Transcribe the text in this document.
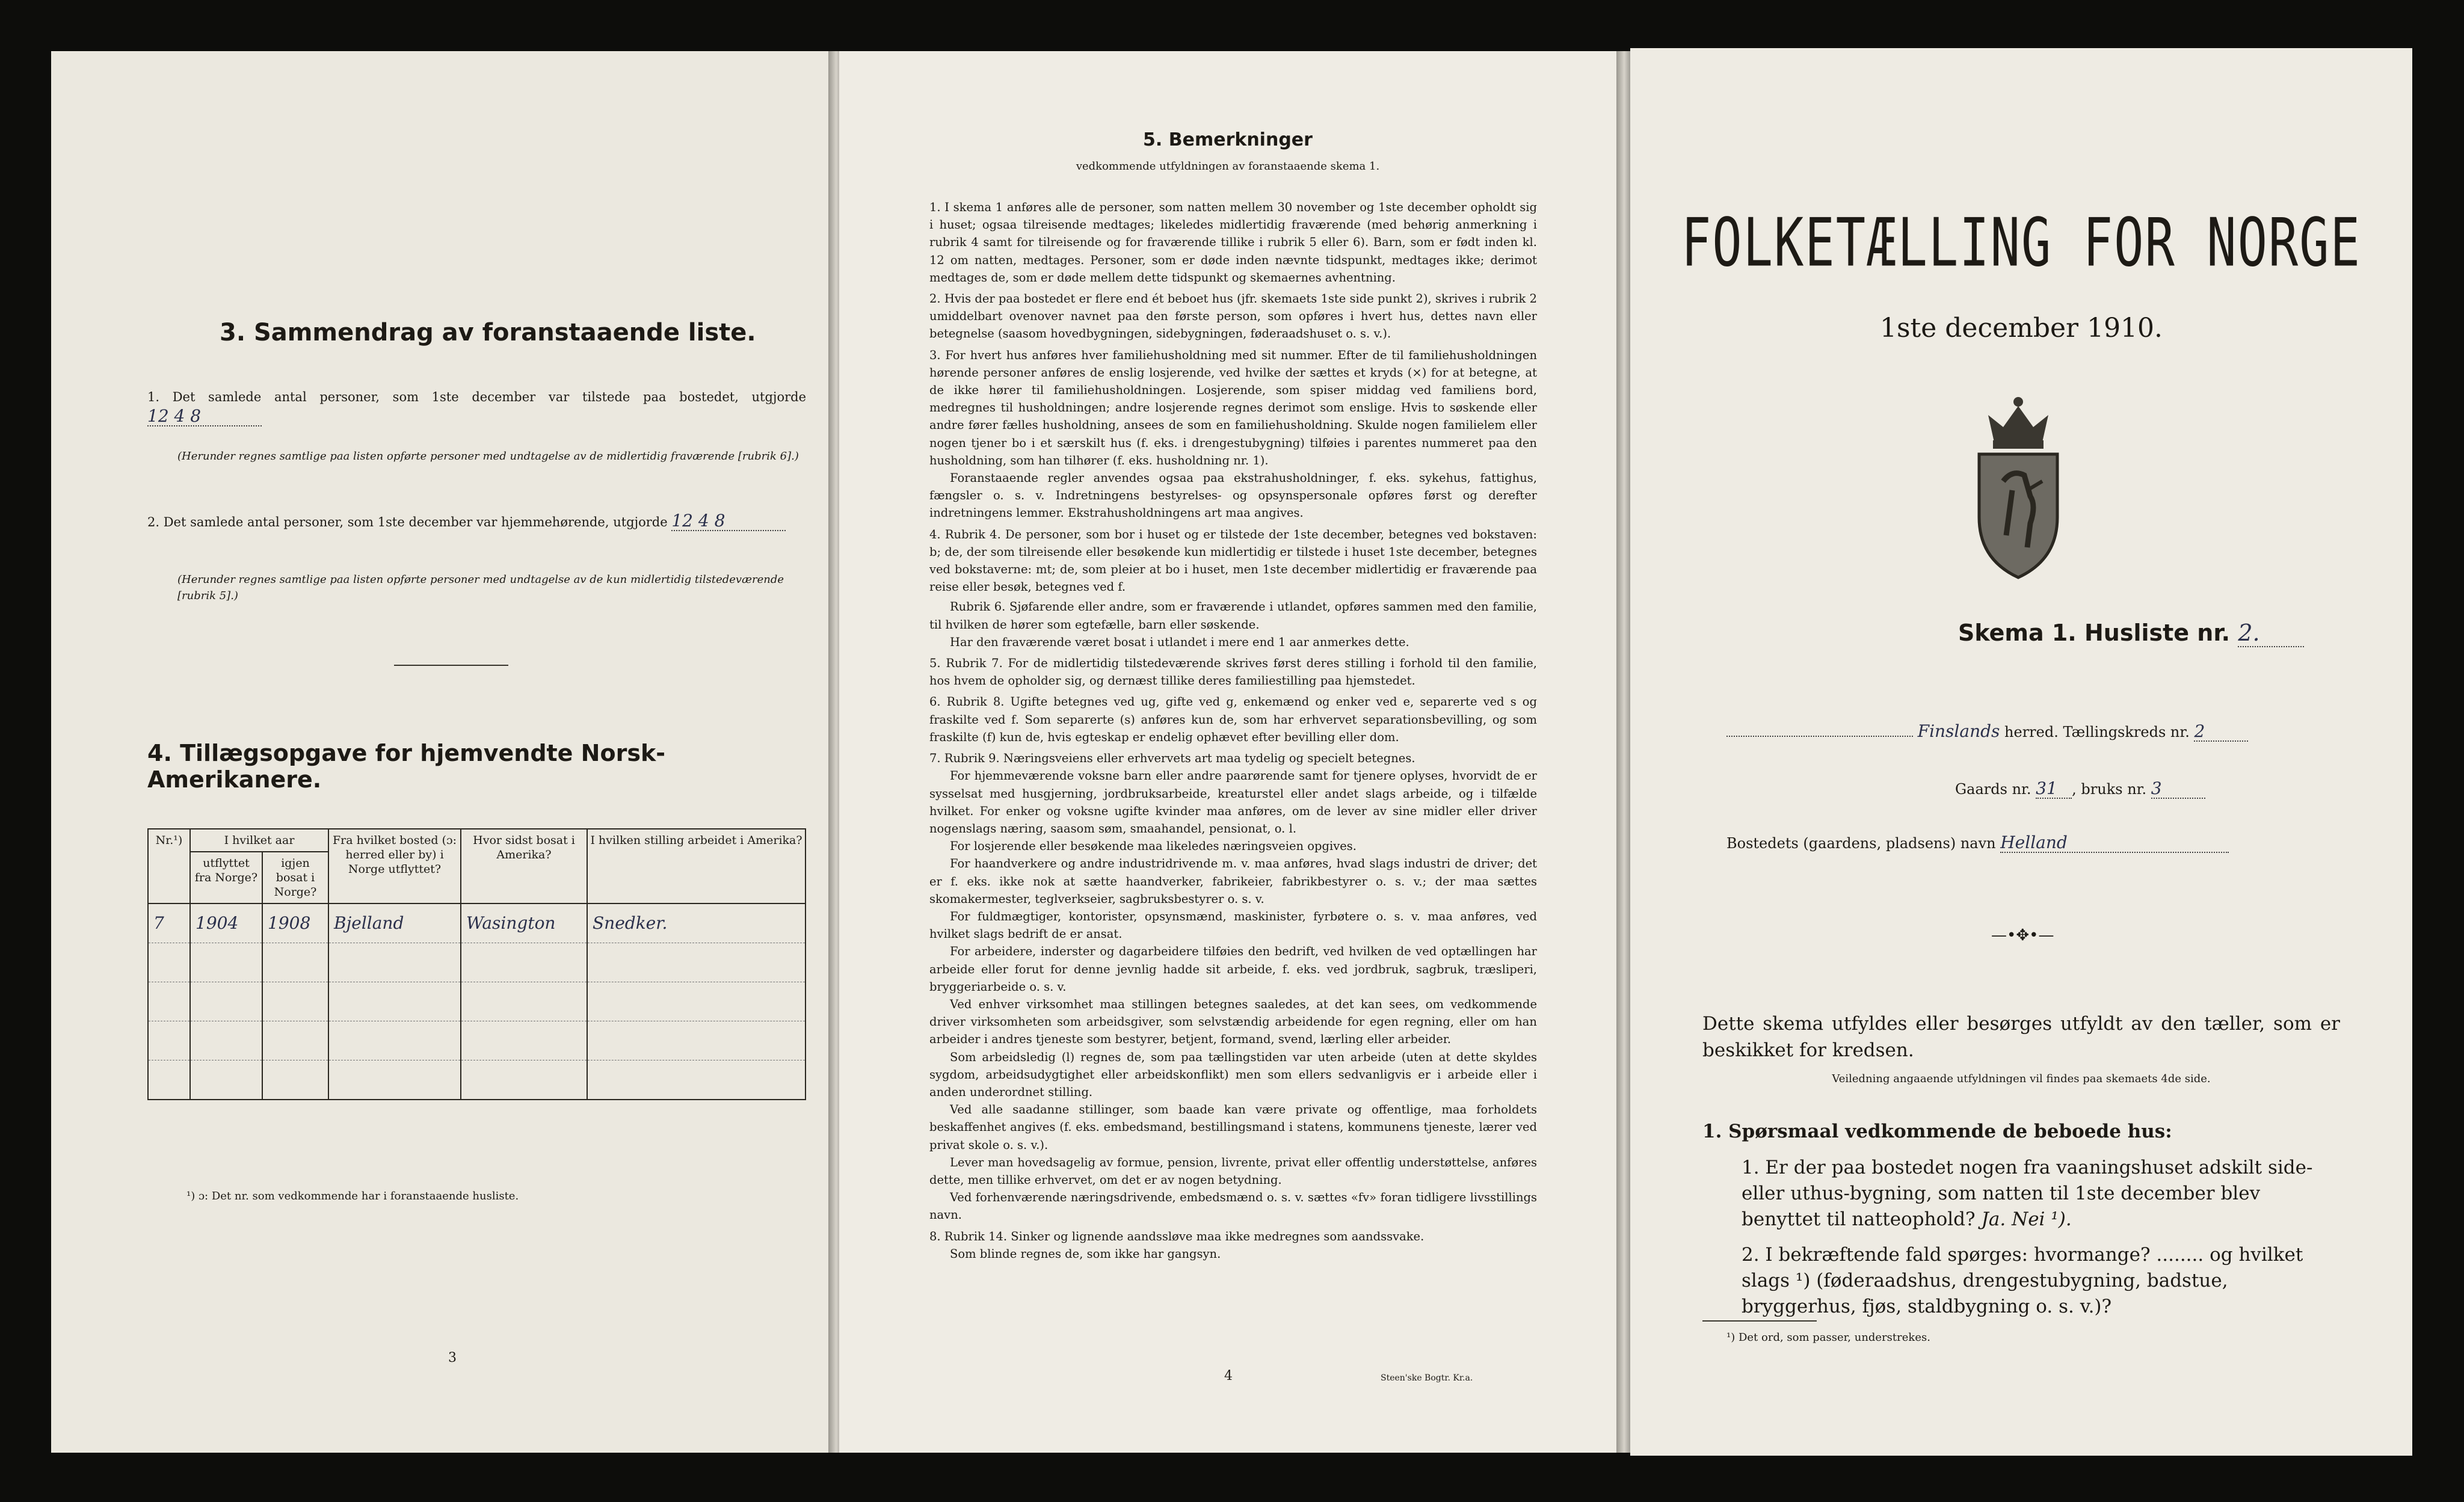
3. Sammendrag av foranstaaende liste.
1. Det samlede antal personer, som 1ste december var tilstede paa bostedet, utgjorde 12 4 8
(Herunder regnes samtlige paa listen opførte personer med undtagelse av de midlertidig fraværende [rubrik 6].)
2. Det samlede antal personer, som 1ste december var hjemmehørende, utgjorde 12 4 8
(Herunder regnes samtlige paa listen opførte personer med undtagelse av de kun midlertidig tilstedeværende [rubrik 5].)
4. Tillægsopgave for hjemvendte Norsk-Amerikanere.
Nr.¹)	I hvilket aar		Fra hvilket bosted (ɔ: herred eller by) i Norge utflyttet?	Hvor sidst bosat i Amerika?	I hvilken stilling arbeidet i Amerika?
	utflyttet fra Norge?	igjen bosat i Norge?			
7	1904	1908	Bjelland	Wasington	Snedker.

¹) ɔ: Det nr. som vedkommende har i foranstaaende husliste.
3
5. Bemerkninger
vedkommende utfyldningen av foranstaaende skema 1.

1. I skema 1 anføres alle de personer, som natten mellem 30 november og 1ste december opholdt sig i huset; ogsaa tilreisende medtages; likeledes midlertidig fraværende (med behørig anmerkning i rubrik 4 samt for tilreisende og for fraværende tillike i rubrik 5 eller 6). Barn, som er født inden kl. 12 om natten, medtages. Personer, som er døde inden nævnte tidspunkt, medtages ikke; derimot medtages de, som er døde mellem dette tidspunkt og skemaernes avhentning.

2. Hvis der paa bostedet er flere end ét beboet hus (jfr. skemaets 1ste side punkt 2), skrives i rubrik 2 umiddelbart ovenover navnet paa den første person, som opføres i hvert hus, dettes navn eller betegnelse (saasom hovedbygningen, sidebygningen, føderaadshuset o. s. v.).

3. For hvert hus anføres hver familiehusholdning med sit nummer. Efter de til familiehusholdningen hørende personer anføres de enslig losjerende, ved hvilke der sættes et kryds (×) for at betegne, at de ikke hører til familiehusholdningen. Losjerende, som spiser middag ved familiens bord, medregnes til husholdningen; andre losjerende regnes derimot som enslige. Hvis to søskende eller andre fører fælles husholdning, ansees de som en familiehusholdning. Skulde nogen familielem eller nogen tjener bo i et særskilt hus (f. eks. i drengestubygning) tilføies i parentes nummeret paa den husholdning, som han tilhører (f. eks. husholdning nr. 1).

Foranstaaende regler anvendes ogsaa paa ekstrahusholdninger, f. eks. sykehus, fattighus, fængsler o. s. v. Indretningens bestyrelses- og opsynspersonale opføres først og derefter indretningens lemmer. Ekstrahusholdningens art maa angives.

4. Rubrik 4. De personer, som bor i huset og er tilstede der 1ste december, betegnes ved bokstaven: b; de, der som tilreisende eller besøkende kun midlertidig er tilstede i huset 1ste december, betegnes ved bokstaverne: mt; de, som pleier at bo i huset, men 1ste december midlertidig er fraværende paa reise eller besøk, betegnes ved f.

Rubrik 6. Sjøfarende eller andre, som er fraværende i utlandet, opføres sammen med den familie, til hvilken de hører som egtefælle, barn eller søskende.

Har den fraværende været bosat i utlandet i mere end 1 aar anmerkes dette.

5. Rubrik 7. For de midlertidig tilstedeværende skrives først deres stilling i forhold til den familie, hos hvem de opholder sig, og dernæst tillike deres familiestilling paa hjemstedet.

6. Rubrik 8. Ugifte betegnes ved ug, gifte ved g, enkemænd og enker ved e, separerte ved s og fraskilte ved f. Som separerte (s) anføres kun de, som har erhvervet separationsbevilling, og som fraskilte (f) kun de, hvis egteskap er endelig ophævet efter bevilling eller dom.

7. Rubrik 9. Næringsveiens eller erhvervets art maa tydelig og specielt betegnes.

For hjemmeværende voksne barn eller andre paarørende samt for tjenere oplyses, hvorvidt de er sysselsat med husgjerning, jordbruksarbeide, kreaturstel eller andet slags arbeide, og i tilfælde hvilket. For enker og voksne ugifte kvinder maa anføres, om de lever av sine midler eller driver nogenslags næring, saasom søm, smaahandel, pensionat, o. l.

For losjerende eller besøkende maa likeledes næringsveien opgives.

For haandverkere og andre industridrivende m. v. maa anføres, hvad slags industri de driver; det er f. eks. ikke nok at sætte haandverker, fabrikeier, fabrikbestyrer o. s. v.; der maa sættes skomakermester, teglverkseier, sagbruksbestyrer o. s. v.

For fuldmægtiger, kontorister, opsynsmænd, maskinister, fyrbøtere o. s. v. maa anføres, ved hvilket slags bedrift de er ansat.

For arbeidere, inderster og dagarbeidere tilføies den bedrift, ved hvilken de ved optællingen har arbeide eller forut for denne jevnlig hadde sit arbeide, f. eks. ved jordbruk, sagbruk, træsliperi, bryggeriarbeide o. s. v.

Ved enhver virksomhet maa stillingen betegnes saaledes, at det kan sees, om vedkommende driver virksomheten som arbeidsgiver, som selvstændig arbeidende for egen regning, eller om han arbeider i andres tjeneste som bestyrer, betjent, formand, svend, lærling eller arbeider.

Som arbeidsledig (l) regnes de, som paa tællingstiden var uten arbeide (uten at dette skyldes sygdom, arbeidsudygtighet eller arbeidskonflikt) men som ellers sedvanligvis er i arbeide eller i anden underordnet stilling.

Ved alle saadanne stillinger, som baade kan være private og offentlige, maa forholdets beskaffenhet angives (f. eks. embedsmand, bestillingsmand i statens, kommunens tjeneste, lærer ved privat skole o. s. v.).

Lever man hovedsagelig av formue, pension, livrente, privat eller offentlig understøttelse, anføres dette, men tillike erhvervet, om det er av nogen betydning.

Ved forhenværende næringsdrivende, embedsmænd o. s. v. sættes «fv» foran tidligere livsstillings navn.

8. Rubrik 14. Sinker og lignende aandssløve maa ikke medregnes som aandssvake.

Som blinde regnes de, som ikke har gangsyn.

4	Steen'ske Bogtr. Kr.a.
FOLKETÆLLING FOR NORGE
1ste december 1910.
Skema 1. Husliste nr. 2.
Finslands herred. Tællingskreds nr. 2
Gaards nr. 31 , bruks nr. 3
Bostedets (gaardens, pladsens) navn Helland
—•✥•—
Dette skema utfyldes eller besørges utfyldt av den tæller, som er beskikket for kredsen.
Veiledning angaaende utfyldningen vil findes paa skemaets 4de side.
1. Spørsmaal vedkommende de beboede hus:
1. Er der paa bostedet nogen fra vaaningshuset adskilt side- eller uthus-bygning, som natten til 1ste december blev benyttet til natteophold? Ja. Nei ¹).
2. I bekræftende fald spørges: hvormange? ........ og hvilket slags ¹) (føderaadshus, drengestubygning, badstue, bryggerhus, fjøs, staldbygning o. s. v.)?
¹) Det ord, som passer, understrekes.
